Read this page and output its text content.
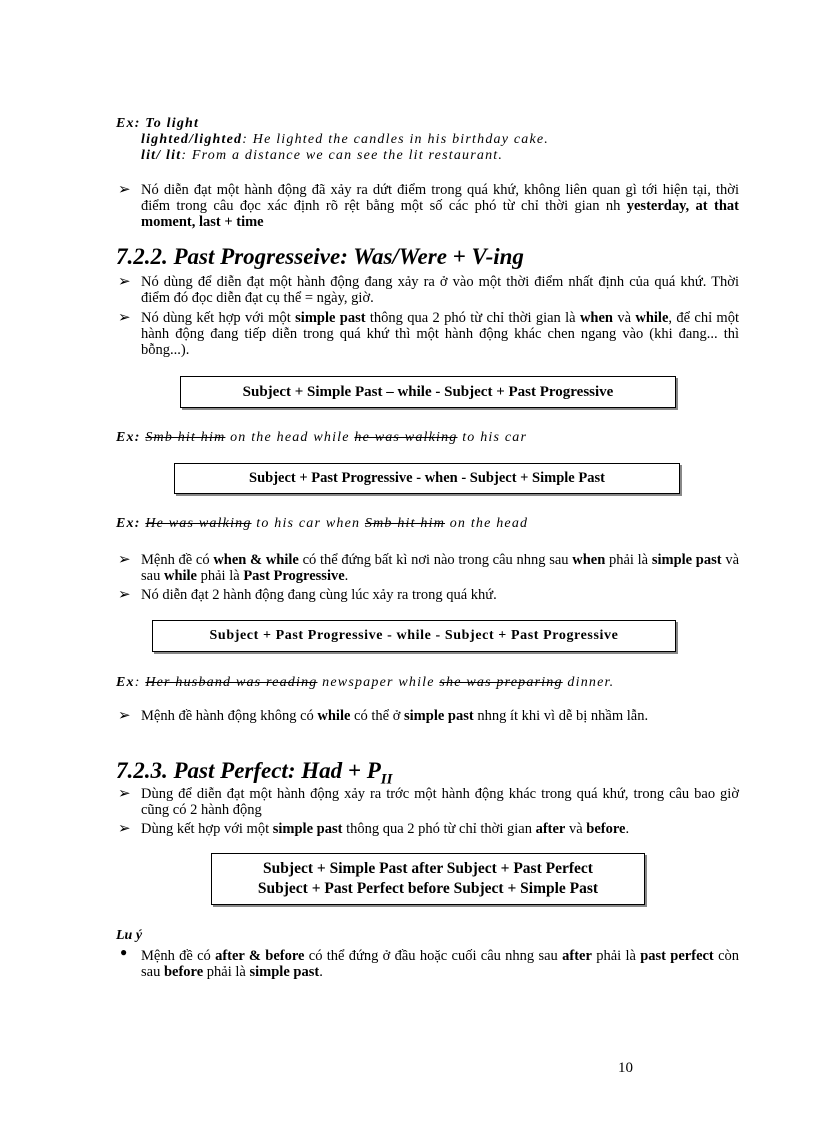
Ex: To light
lighted/lighted: He lighted the candles in his birthday cake.
lit/ lit: From a distance we can see the lit restaurant.
➢ Nó diễn đạt một hành động đã xảy ra dứt điểm trong quá khứ, không liên quan gì tới hiện tại, thời điểm trong câu đọc xác định rõ rệt bằng một số các phó từ chỉ thời gian nh yesterday, at that moment, last + time
7.2.2. Past Progresseive: Was/Were + V-ing
➢ Nó dùng để diễn đạt một hành động đang xảy ra ở vào một thời điểm nhất định của quá khứ. Thời điểm đó đọc diễn đạt cụ thể = ngày, giờ.
➢ Nó dùng kết hợp với một simple past thông qua 2 phó từ chỉ thời gian là when và while, để chỉ một hành động đang tiếp diễn trong quá khứ thì một hành động khác chen ngang vào (khi đang... thì bỗng...).
Subject + Simple Past – while - Subject + Past Progressive
Ex: Smb hit him on the head while he was walking to his car
Subject + Past Progressive - when - Subject + Simple Past
Ex: He was walking to his car when Smb hit him on the head
➢ Mệnh đề có when & while có thể đứng bất kì nơi nào trong câu nhng sau when phải là simple past và sau while phải là Past Progressive.
➢ Nó diễn đạt 2 hành động đang cùng lúc xảy ra trong quá khứ.
Subject + Past Progressive - while - Subject + Past Progressive
Ex: Her husband was reading newspaper while she was preparing dinner.
➢ Mệnh đề hành động không có while có thể ở simple past nhng ít khi vì dễ bị nhầm lẫn.
7.2.3. Past Perfect: Had + $P_{II}$
➢ Dùng để diễn đạt một hành động xảy ra trớc một hành động khác trong quá khứ, trong câu bao giờ cũng có 2 hành động
➢ Dùng kết hợp với một simple past thông qua 2 phó từ chỉ thời gian after và before.
Subject + Simple Past after Subject + Past Perfect
Subject + Past Perfect before Subject + Simple Past
Lu ý
● Mệnh đề có after & before có thể đứng ở đầu hoặc cuối câu nhng sau after phải là past perfect còn sau before phải là simple past.
10
